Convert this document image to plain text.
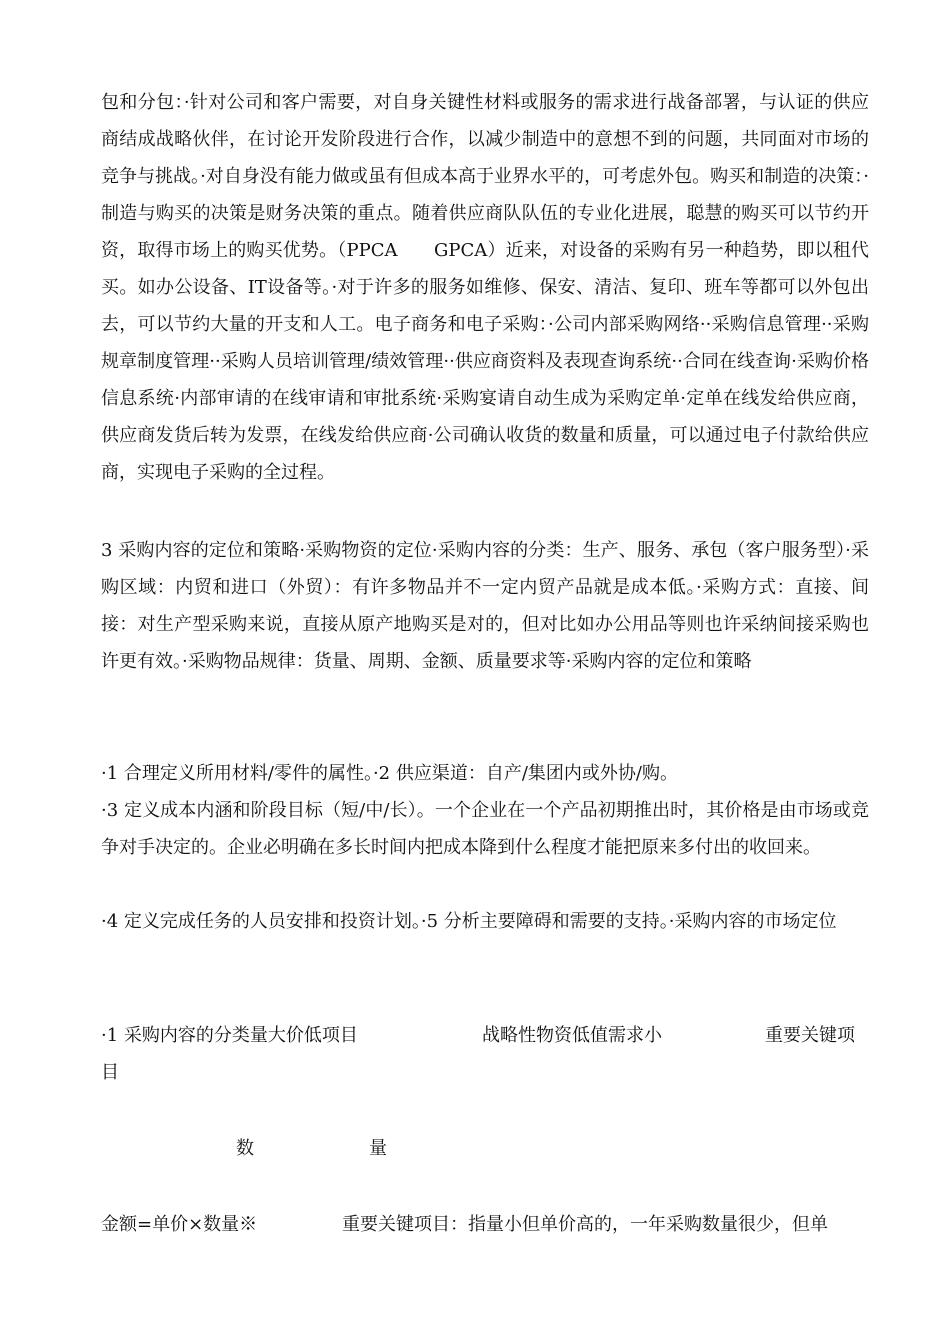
包和分包：·针对公司和客户需要，对自身关键性材料或服务的需求进行战备部署，与认证的供应商结成战略伙伴，在讨论开发阶段进行合作，以减少制造中的意想不到的问题，共同面对市场的竞争与挑战。·对自身没有能力做或虽有但成本高于业界水平的，可考虑外包。购买和制造的决策：·制造与购买的决策是财务决策的重点。随着供应商队队伍的专业化进展，聪慧的购买可以节约开资，取得市场上的购买优势。（PPCA　　GPCA）近来，对设备的采购有另一种趋势，即以租代买。如办公设备、IT设备等。·对于许多的服务如维修、保安、清洁、复印、班车等都可以外包出去，可以节约大量的开支和人工。电子商务和电子采购：·公司内部采购网络··采购信息管理··采购规章制度管理··采购人员培训管理/绩效管理··供应商资料及表现查询系统··合同在线查询·采购价格信息系统·内部审请的在线审请和审批系统·采购宴请自动生成为采购定单·定单在线发给供应商，供应商发货后转为发票，在线发给供应商·公司确认收货的数量和质量，可以通过电子付款给供应商，实现电子采购的全过程。

3 采购内容的定位和策略·采购物资的定位·采购内容的分类：生产、服务、承包（客户服务型）·采购区域：内贸和进口（外贸）：有许多物品并不一定内贸产品就是成本低。·采购方式：直接、间接：对生产型采购来说，直接从原产地购买是对的，但对比如办公用品等则也许采纳间接采购也许更有效。·采购物品规律：货量、周期、金额、质量要求等·采购内容的定位和策略

·1 合理定义所用材料/零件的属性。·2 供应渠道：自产/集团内或外协/购。

·3 定义成本内涵和阶段目标（短/中/长）。一个企业在一个产品初期推出时，其价格是由市场或竞争对手决定的。企业必明确在多长时间内把成本降到什么程度才能把原来多付出的收回来。

·4 定义完成任务的人员安排和投资计划。·5 分析主要障碍和需要的支持。·采购内容的市场定位

·1 采购内容的分类量大价低项目	战略性物资低值需求小	重要关键项
目
数	量
金额=单价×数量※	重要关键项目：指量小但单价高的，一年采购数量很少，但单
